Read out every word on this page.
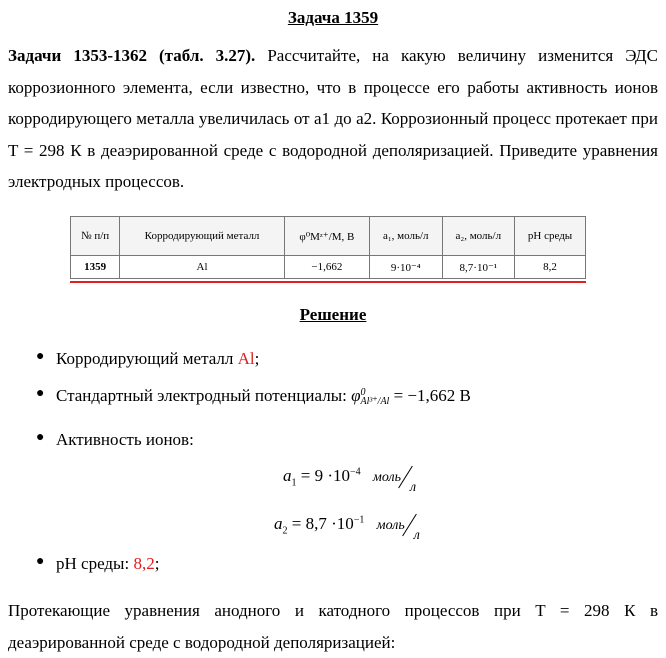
Задача 1359
Задачи 1353-1362 (табл. 3.27). Рассчитайте, на какую величину изменится ЭДС коррозионного элемента, если известно, что в процессе его работы активность ионов корродирующего металла увеличилась от a1 до a2. Коррозионный процесс протекает при T = 298 К в деаэрированной среде с водородной деполяризацией. Приведите уравнения электродных процессов.
№ п/п	Корродирующий металл	φ⁰Mᶻ⁺/M, В	a₁, моль/л	a₂, моль/л	pH среды
1359	Al	−1,662	9·10⁻⁴	8,7·10⁻¹	8,2
Решение
● Корродирующий металл Al;
● Стандартный электродный потенциалы: φ 0
Al³⁺/Al = −1,662 В
● Активность ионов:
$a_1 = 9 \cdot 10^{-4}$ моль$_л$
$a_2 = 8,7 \cdot 10^{-1}$ моль$_л$
● pH среды: 8,2;
Протекающие уравнения анодного и катодного процессов при T = 298 К в деаэрированной среде с водородной деполяризацией:
